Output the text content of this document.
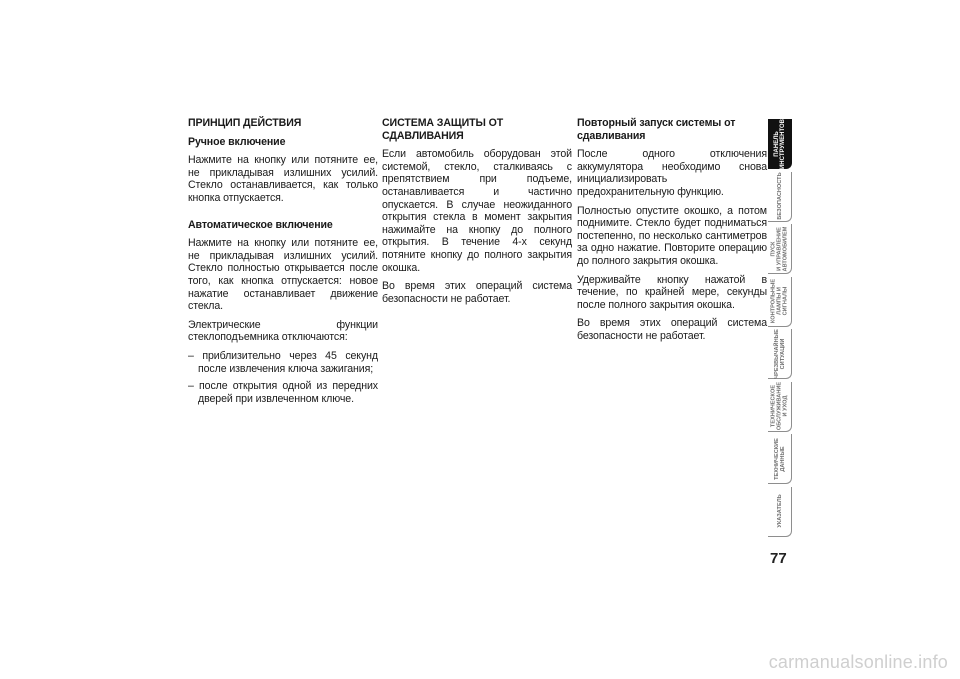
ПРИНЦИП ДЕЙСТВИЯ
Ручное включение
Нажмите на кнопку или потяните ее, не прикладывая излишних усилий. Стекло останавливается, как только кнопка отпускается.
Автоматическое включение
Нажмите на кнопку или потяните ее, не прикладывая излишних усилий. Стекло полностью открывается после того, как кнопка отпускается: новое нажатие останавливает движение стекла.
Электрические функции стеклоподъемника отключаются:
– приблизительно через 45 секунд после извлечения ключа зажигания;
– после открытия одной из передних дверей при извлеченном ключе.
СИСТЕМА ЗАЩИТЫ ОТ СДАВЛИВАНИЯ
Если автомобиль оборудован этой системой, стекло, сталкиваясь с препятствием при подъеме, останавливается и частично опускается. В случае неожиданного открытия стекла в момент закрытия нажимайте на кнопку до полного открытия. В течение 4-х секунд потяните кнопку до полного закрытия окошка.
Во время этих операций система безопасности не работает.
Повторный запуск системы от сдавливания
После одного отключения аккумулятора необходимо снова инициализировать предохранительную функцию.
Полностью опустите окошко, а потом поднимите. Стекло будет подниматься постепенно, по несколько сантиметров за одно нажатие. Повторите операцию до полного закрытия окошка.
Удерживайте кнопку нажатой в течение, по крайней мере, секунды после полного закрытия окошка.
Во время этих операций система безопасности не работает.
ПАНЕЛЬ
ИНСТРУМЕНТОВ
БЕЗОПАСНОСТЬ
ПУСК
И УПРАВЛЕНИЕ
АВТОМОБИЛЕМ
КОНТРОЛЬНЫЕ
ЛАМПЫ И
СИГНАЛЫ
ЧРЕЗВЫЧАЙНЫЕ
СИТУАЦИИ
ТЕХНИЧЕСКОЕ
ОБСЛУЖИВАНИЕ
И УХОД
ТЕХНИЧЕСКИЕ
ДАННЫЕ
УКАЗАТЕЛЬ
77
carmanualsonline.info
